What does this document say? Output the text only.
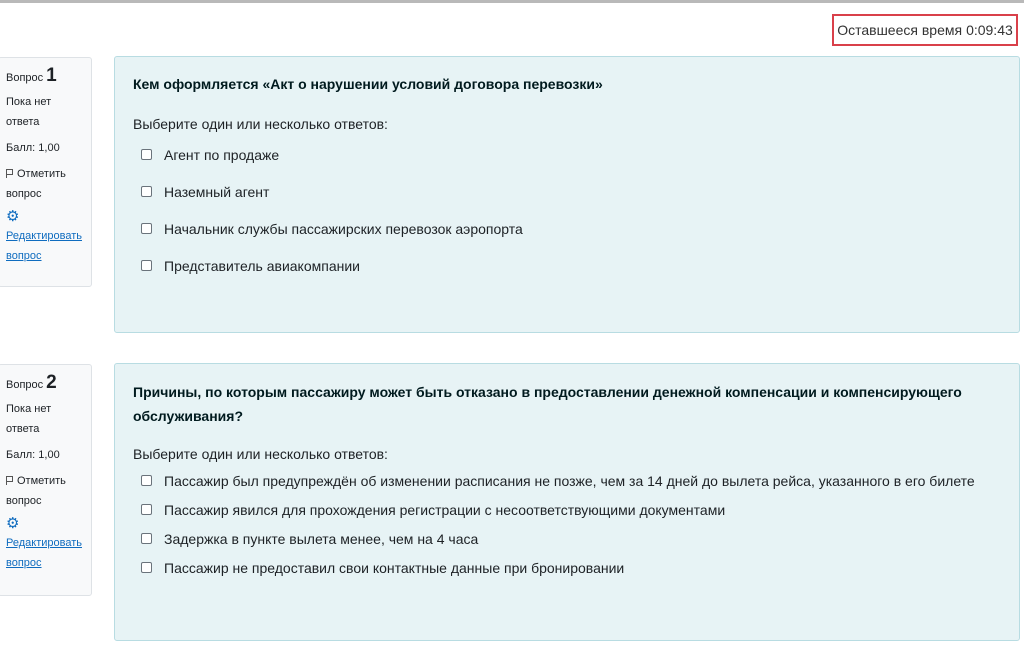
Оставшееся время 0:09:43
Вопрос 1
Пока нет ответа
Балл: 1,00
Отметить вопрос
⚙
Редактировать вопрос
Кем оформляется «Акт о нарушении условий договора перевозки»
Выберите один или несколько ответов:
Агент по продаже
Наземный агент
Начальник службы пассажирских перевозок аэропорта
Представитель авиакомпании
Вопрос 2
Пока нет ответа
Балл: 1,00
Отметить вопрос
⚙
Редактировать вопрос
Причины, по которым пассажиру может быть отказано в предоставлении денежной компенсации и компенсирующего обслуживания?
Выберите один или несколько ответов:
Пассажир был предупреждён об изменении расписания не позже, чем за 14 дней до вылета рейса, указанного в его билете
Пассажир явился для прохождения регистрации с несоответствующими документами
Задержка в пункте вылета менее, чем на 4 часа
Пассажир не предоставил свои контактные данные при бронировании
